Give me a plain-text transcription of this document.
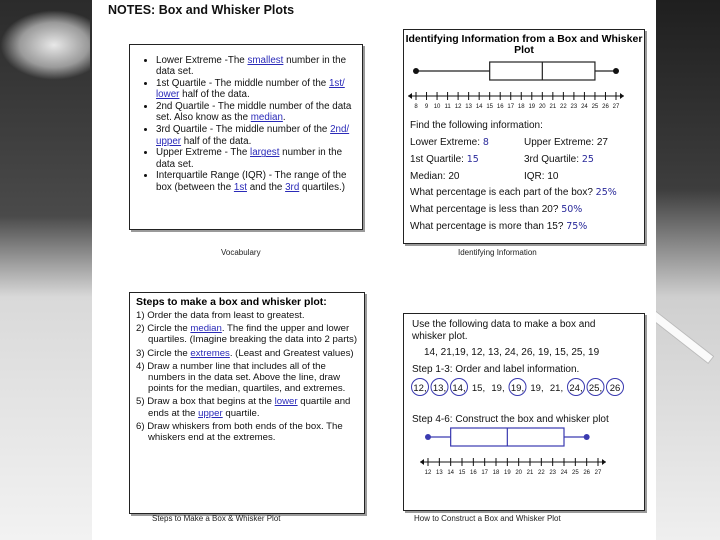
NOTES: Box and Whisker Plots
• Lower Extreme -The smallest number in the data set.
• 1st Quartile - The middle number of the 1st/ lower half of the data.
• 2nd Quartile - The middle number of the data set. Also know as the median.
• 3rd Quartile - The middle number of the 2nd/ upper half of the data.
• Upper Extreme - The largest number in the data set.
• Interquartile Range (IQR) - The range of the box (between the 1st and the 3rd quartiles.)
Vocabulary
Identifying Information from a Box and Whisker Plot
8 9 10 11 12 13 14 15 16 17 18 19 20 21 22 23 24 25 26 27
Find the following information:
Lower Extreme: 8	Upper Extreme: 27
1st Quartile: 15	3rd Quartile: 25
Median: 20	IQR: 10
What percentage is each part of the box? 25%
What percentage is less than 20? 50%
What percentage is more than 15? 75%
Identifying Information
Steps to make a box and whisker plot:
1) Order the data from least to greatest.
2) Circle the median. The find the upper and lower quartiles. (Imagine breaking the data into 2 parts)
3) Circle the extremes. (Least and Greatest values)
4) Draw a number line that includes all of the numbers in the data set. Above the line, draw points for the median, quartiles, and extremes.
5) Draw a box that begins at the lower quartile and ends at the upper quartile.
6) Draw whiskers from both ends of the box. The whiskers end at the extremes.
Steps to Make a Box & Whisker Plot
Use the following data to make a box and whisker plot.
14, 21,19, 12, 13, 24, 26, 19, 15, 25, 19
Step 1-3: Order and label information.
12, 13, 14, 15, 19, 19, 19, 21, 24, 25, 26
Step 4-6: Construct the box and whisker plot
12 13 14 15 16 17 18 19 20 21 22 23 24 25 26 27
How to Construct a Box and Whisker Plot
